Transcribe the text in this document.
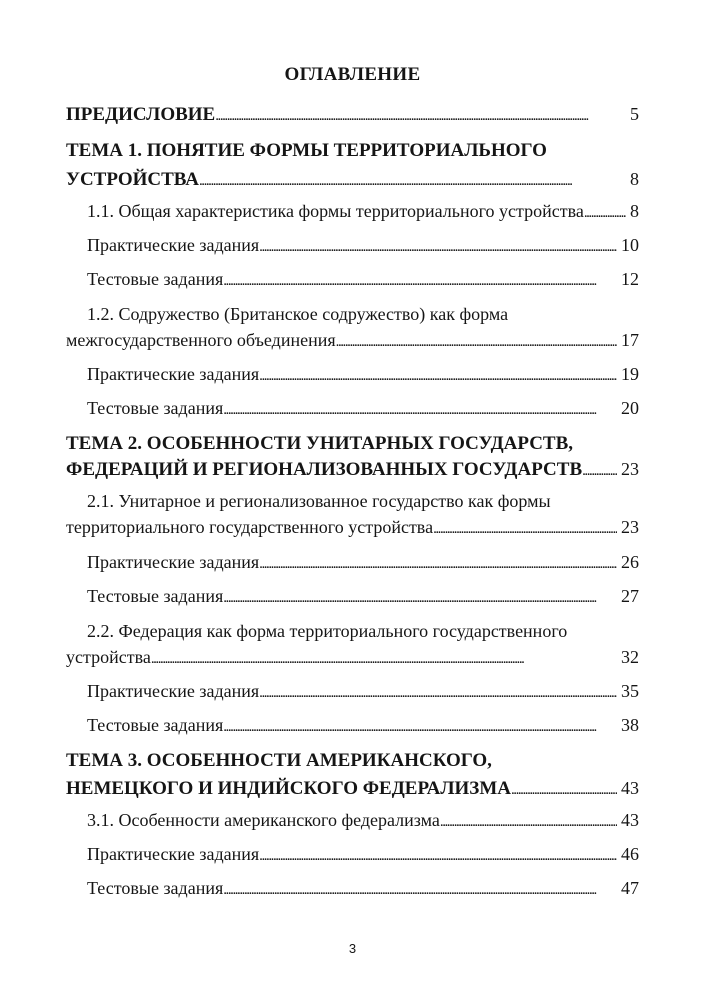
ОГЛАВЛЕНИЕ
ПРЕДИСЛОВИЕ . . .	5
ТЕМА 1. ПОНЯТИЕ ФОРМЫ ТЕРРИТОРИАЛЬНОГО
УСТРОЙСТВА . . .	8
1.1. Общая характеристика формы территориального устройства . . .	8
Практические задания . . .	10
Тестовые задания . . .	12
1.2. Содружество (Британское содружество) как форма
межгосударственного объединения . . .	17
Практические задания . . .	19
Тестовые задания . . .	20
ТЕМА 2. ОСОБЕННОСТИ УНИТАРНЫХ ГОСУДАРСТВ,
ФЕДЕРАЦИЙ И РЕГИОНАЛИЗОВАННЫХ ГОСУДАРСТВ . . . 23
2.1. Унитарное и регионализованное государство как формы
территориального государственного устройства . . .	23
Практические задания . . .	26
Тестовые задания . . .	27
2.2. Федерация как форма территориального государственного
устройства . . .	32
Практические задания . . .	35
Тестовые задания . . .	38
ТЕМА 3. ОСОБЕННОСТИ АМЕРИКАНСКОГО,
НЕМЕЦКОГО И ИНДИЙСКОГО ФЕДЕРАЛИЗМА . . .	43
3.1. Особенности американского федерализма . . .	43
Практические задания . . .	46
Тестовые задания . . .	47
3
